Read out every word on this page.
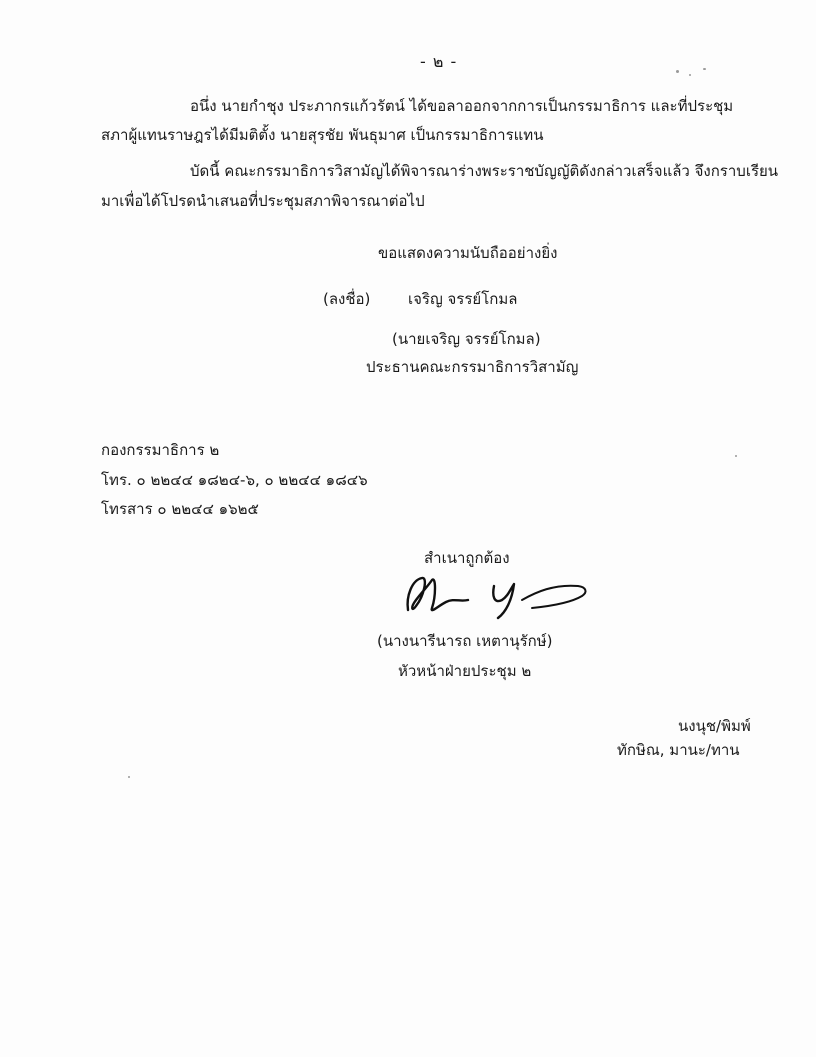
- ๒ -
อนึ่ง นายกำชุง ประภากรแก้วรัตน์ ได้ขอลาออกจากการเป็นกรรมาธิการ และที่ประชุม
สภาผู้แทนราษฎรได้มีมติตั้ง นายสุรชัย พันธุมาศ เป็นกรรมาธิการแทน
บัดนี้ คณะกรรมาธิการวิสามัญได้พิจารณาร่างพระราชบัญญัติดังกล่าวเสร็จแล้ว จึงกราบเรียน
มาเพื่อได้โปรดนำเสนอที่ประชุมสภาพิจารณาต่อไป
ขอแสดงความนับถืออย่างยิ่ง
(ลงชื่อ)	เจริญ จรรย์โกมล
(นายเจริญ จรรย์โกมล)
ประธานคณะกรรมาธิการวิสามัญ
กองกรรมาธิการ ๒
โทร. ๐ ๒๒๔๔ ๑๘๒๔-๖, ๐ ๒๒๔๔ ๑๘๔๖
โทรสาร ๐ ๒๒๔๔ ๑๖๒๕
สำเนาถูกต้อง
(นางนารีนารถ เหตานุรักษ์)
หัวหน้าฝ่ายประชุม ๒
นงนุช/พิมพ์
ทักษิณ, มานะ/ทาน
